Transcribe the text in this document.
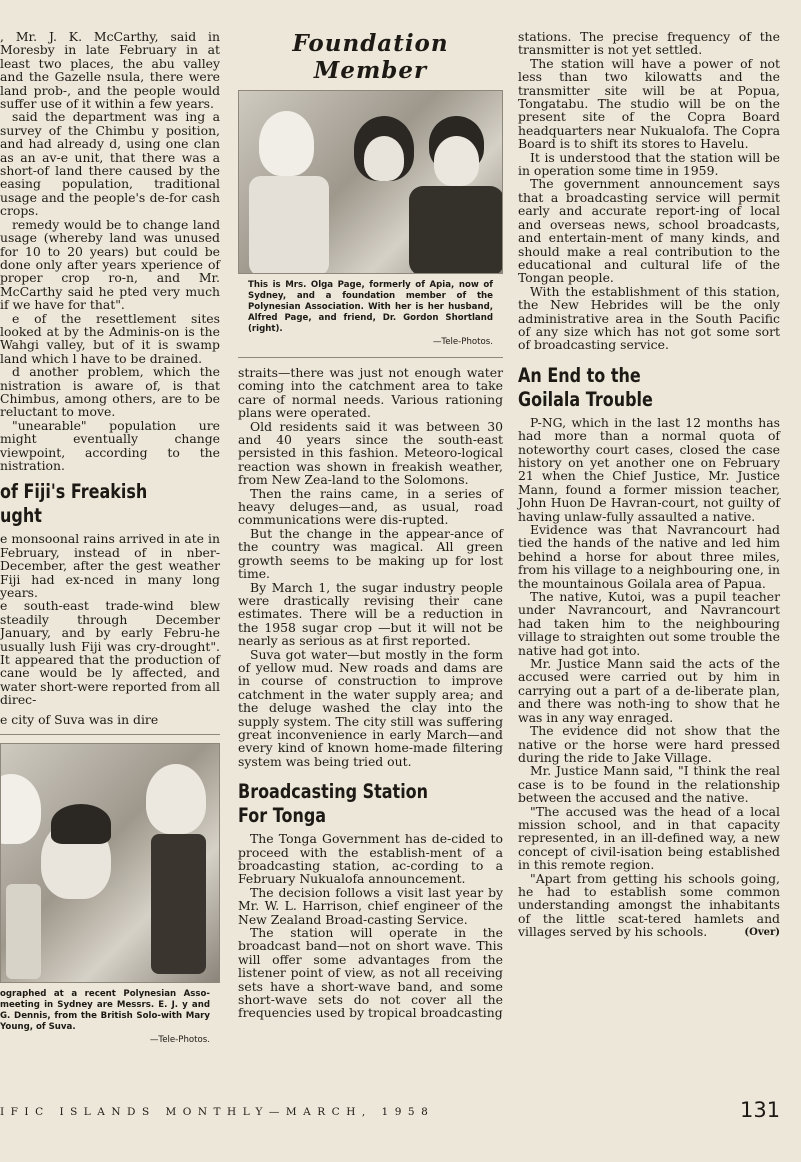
, Mr. J. K. McCarthy, said in Moresby in late February in at least two places, the abu valley and the Gazelle nsula, there were land prob-, and the people would suffer use of it within a few years.

said the department was ing a survey of the Chimbu y position, and had already d, using one clan as an av-e unit, that there was a short-of land there caused by the easing population, traditional usage and the people's de-for cash crops.

remedy would be to change land usage (whereby land was unused for 10 to 20 years) but could be done only after years xperience of proper crop ro-n, and Mr. McCarthy said he pted very much if we have for that".

e of the resettlement sites looked at by the Adminis-on is the Wahgi valley, but of it is swamp land which l have to be drained.

d another problem, which the nistration is aware of, is that Chimbus, among others, are to be reluctant to move.

"unearable" population ure might eventually change viewpoint, according to the nistration.

of Fiji's Freakish
ught

e monsoonal rains arrived in ate in February, instead of in nber-December, after the gest weather Fiji had ex-nced in many long years.

e south-east trade-wind blew steadily through December January, and by early Febru-he usually lush Fiji was cry-drought". It appeared that the production of cane would be ly affected, and water short-were reported from all direc-

e city of Suva was in dire

ographed at a recent Polynesian Asso-meeting in Sydney are Messrs. E. J. y and G. Dennis, from the British Solo-with Mary Young, of Suva.
—Tele-Photos.
Foundation Member
This is Mrs. Olga Page, formerly of Apia, now of Sydney, and a foundation member of the Polynesian Association. With her is her husband, Alfred Page, and friend, Dr. Gordon Shortland (right).
—Tele-Photos.

straits—there was just not enough water coming into the catchment area to take care of normal needs. Various rationing plans were operated.

Old residents said it was between 30 and 40 years since the south-east persisted in this fashion. Meteoro-logical reaction was shown in freakish weather, from New Zea-land to the Solomons.

Then the rains came, in a series of heavy deluges—and, as usual, road communications were dis-rupted.

But the change in the appear-ance of the country was magical. All green growth seems to be making up for lost time.

By March 1, the sugar industry people were drastically revising their cane estimates. There will be a reduction in the 1958 sugar crop —but it will not be nearly as serious as at first reported.

Suva got water—but mostly in the form of yellow mud. New roads and dams are in course of construction to improve catchment in the water supply area; and the deluge washed the clay into the supply system. The city still was suffering great inconvenience in early March—and every kind of known home-made filtering system was being tried out.

Broadcasting Station
For Tonga

The Tonga Government has de-cided to proceed with the establish-ment of a broadcasting station, ac-cording to a February Nukualofa announcement.

The decision follows a visit last year by Mr. W. L. Harrison, chief engineer of the New Zealand Broad-casting Service.

The station will operate in the broadcast band—not on short wave. This will offer some advantages from the listener point of view, as not all receiving sets have a short-wave band, and some short-wave sets do not cover all the frequencies used by tropical broadcasting

stations. The precise frequency of the transmitter is not yet settled.

The station will have a power of not less than two kilowatts and the transmitter site will be at Popua, Tongatabu. The studio will be on the present site of the Copra Board headquarters near Nukualofa. The Copra Board is to shift its stores to Havelu.

It is understood that the station will be in operation some time in 1959.

The government announcement says that a broadcasting service will permit early and accurate report-ing of local and overseas news, school broadcasts, and entertain-ment of many kinds, and should make a real contribution to the educational and cultural life of the Tongan people.

With the establishment of this station, the New Hebrides will be the only administrative area in the South Pacific of any size which has not got some sort of broadcasting service.

An End to the
Goilala Trouble

P-NG, which in the last 12 months has had more than a normal quota of noteworthy court cases, closed the case history on yet another one on February 21 when the Chief Justice, Mr. Justice Mann, found a former mission teacher, John Huon De Havran-court, not guilty of having unlaw-fully assaulted a native.

Evidence was that Navrancourt had tied the hands of the native and led him behind a horse for about three miles, from his village to a neighbouring one, in the mountainous Goilala area of Papua.

The native, Kutoi, was a pupil teacher under Navrancourt, and Navrancourt had taken him to the neighbouring village to straighten out some trouble the native had got into.

Mr. Justice Mann said the acts of the accused were carried out by him in carrying out a part of a de-liberate plan, and there was noth-ing to show that he was in any way enraged.

The evidence did not show that the native or the horse were hard pressed during the ride to Jake Village.

Mr. Justice Mann said, "I think the real case is to be found in the relationship between the accused and the native.

"The accused was the head of a local mission school, and in that capacity represented, in an ill-defined way, a new concept of civil-isation being established in this remote region.

"Apart from getting his schools going, he had to establish some common understanding amongst the inhabitants of the little scat-tered hamlets and villages served by his schools.	(Over)
IFIC ISLANDS MONTHLY—MARCH, 1958	131
